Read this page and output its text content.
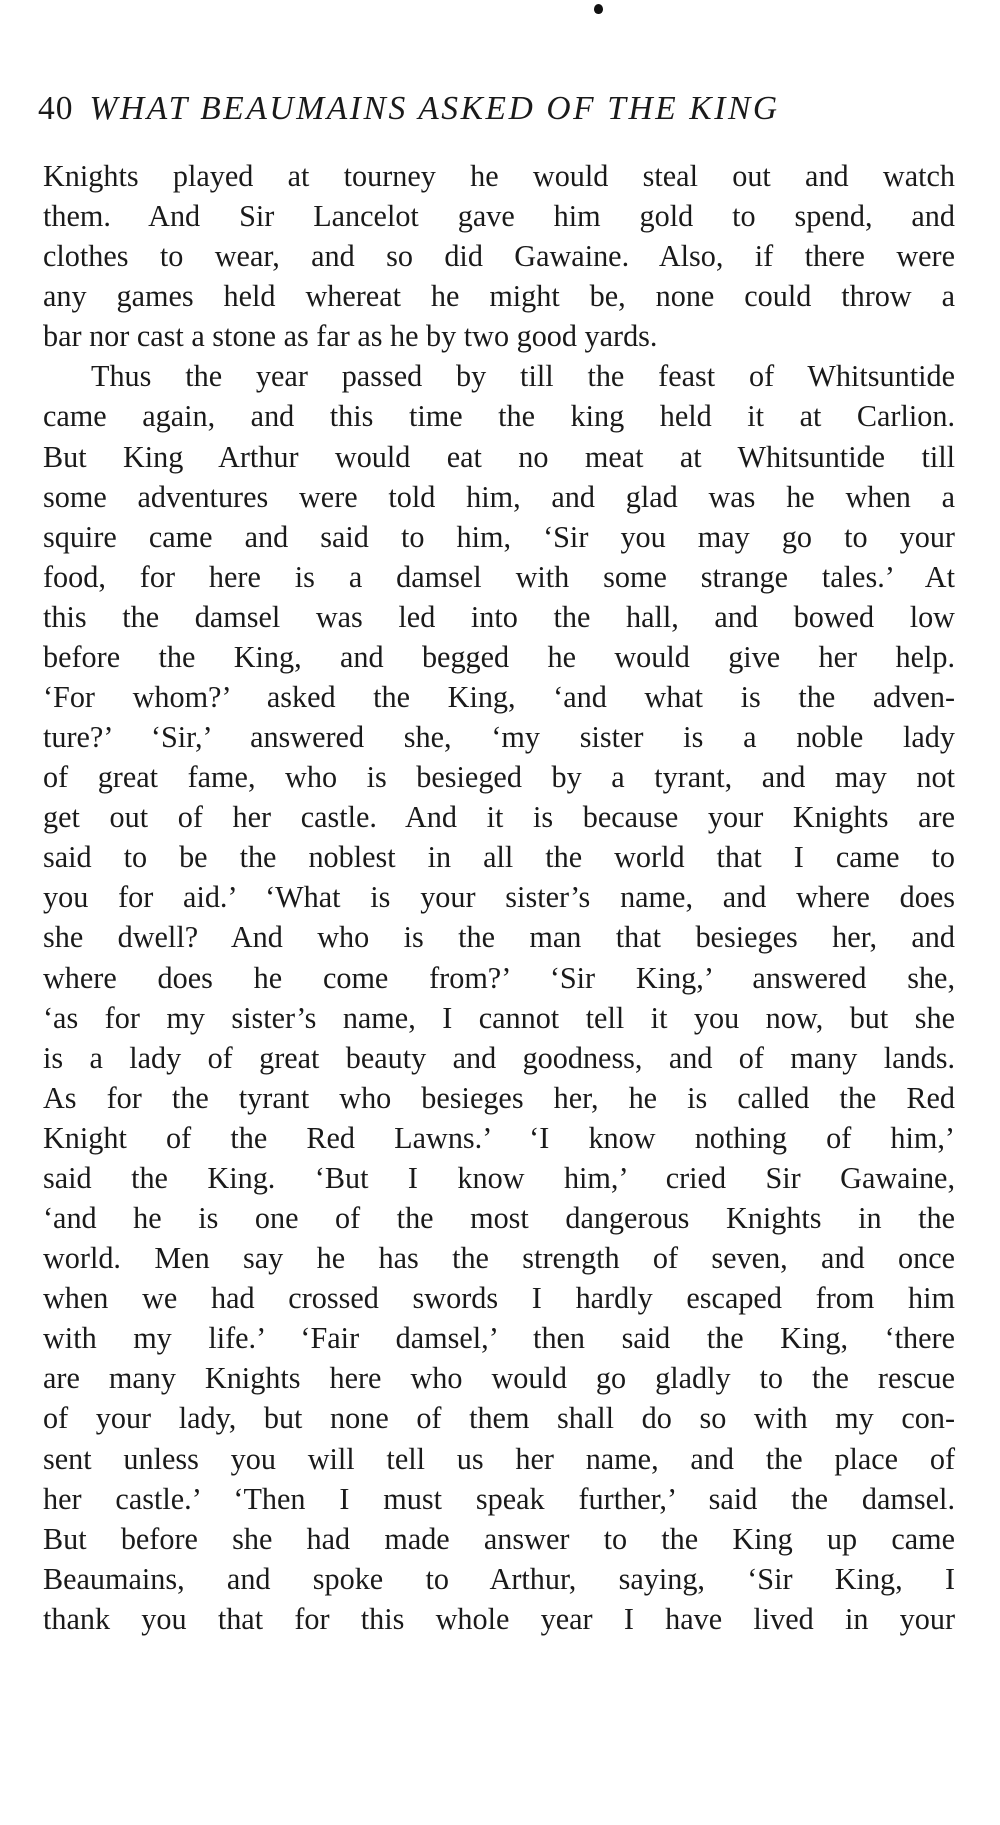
40 WHAT BEAUMAINS ASKED OF THE KING
Knights played at tourney he would steal out and watch
them. And Sir Lancelot gave him gold to spend, and
clothes to wear, and so did Gawaine. Also, if there were
any games held whereat he might be, none could throw a
bar nor cast a stone as far as he by two good yards.
Thus the year passed by till the feast of Whitsuntide
came again, and this time the king held it at Carlion.
But King Arthur would eat no meat at Whitsuntide till
some adventures were told him, and glad was he when a
squire came and said to him, ‘Sir you may go to your
food, for here is a damsel with some strange tales.’ At
this the damsel was led into the hall, and bowed low
before the King, and begged he would give her help.
‘For whom?’ asked the King, ‘and what is the adven-
ture?’ ‘Sir,’ answered she, ‘my sister is a noble lady
of great fame, who is besieged by a tyrant, and may not
get out of her castle. And it is because your Knights are
said to be the noblest in all the world that I came to
you for aid.’ ‘What is your sister’s name, and where does
she dwell? And who is the man that besieges her, and
where does he come from?’ ‘Sir King,’ answered she,
‘as for my sister’s name, I cannot tell it you now, but she
is a lady of great beauty and goodness, and of many lands.
As for the tyrant who besieges her, he is called the Red
Knight of the Red Lawns.’ ‘I know nothing of him,’
said the King. ‘But I know him,’ cried Sir Gawaine,
‘and he is one of the most dangerous Knights in the
world. Men say he has the strength of seven, and once
when we had crossed swords I hardly escaped from him
with my life.’ ‘Fair damsel,’ then said the King, ‘there
are many Knights here who would go gladly to the rescue
of your lady, but none of them shall do so with my con-
sent unless you will tell us her name, and the place of
her castle.’ ‘Then I must speak further,’ said the damsel.
But before she had made answer to the King up came
Beaumains, and spoke to Arthur, saying, ‘Sir King, I
thank you that for this whole year I have lived in your
